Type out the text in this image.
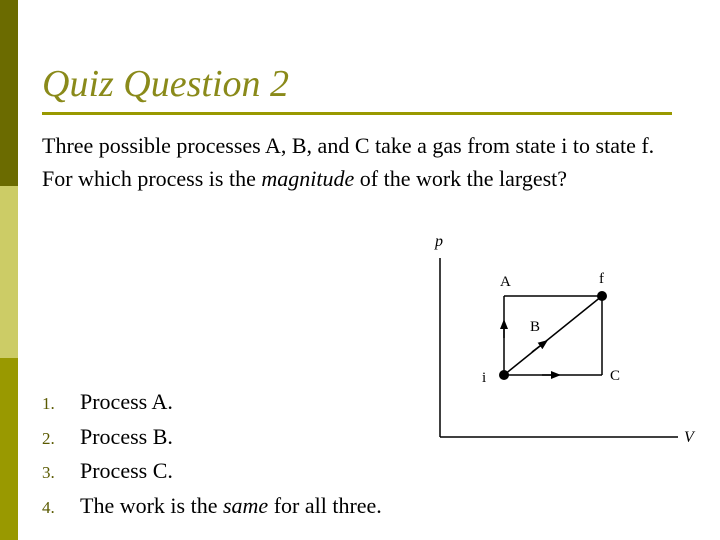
Quiz Question 2

Three possible processes A, B, and C take a gas from state i to state f.

For which process is the magnitude of the work the largest?

p
V
A
B
C
i
f
1.	Process A.
2.	Process B.
3.	Process C.
4.	The work is the same for all three.
